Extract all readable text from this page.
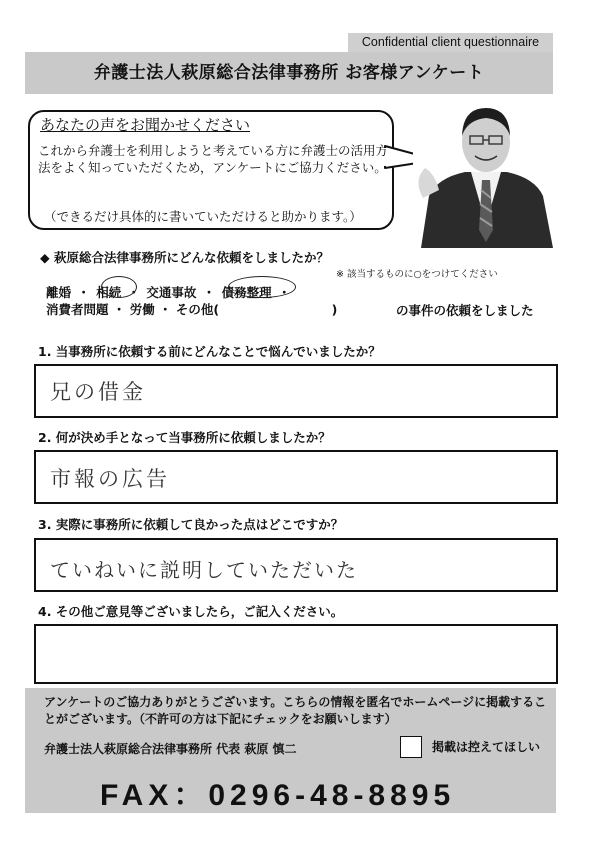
Confidential client questionnaire
弁護士法人萩原総合法律事務所 お客様アンケート
あなたの声をお聞かせください
これから弁護士を利用しようと考えている方に弁護士の活用方法をよく知っていただくため，アンケートにご協力ください。
（できるだけ具体的に書いていただけると助かります。）
◆ 萩原総合法律事務所にどんな依頼をしましたか？
※ 該当するものに○をつけてください
離婚 ・ 相続 ・ 交通事故 ・ 債務整理 ・
消費者問題 ・ 労働 ・ その他(　　　　　　　　　)	の事件の依頼をしました
1. 当事務所に依頼する前にどんなことで悩んでいましたか？
兄の借金
2. 何が決め手となって当事務所に依頼しましたか？
市報の広告
3. 実際に事務所に依頼して良かった点はどこですか？
ていねいに説明していただいた
4. その他ご意見等ございましたら，ご記入ください。
アンケートのご協力ありがとうございます。こちらの情報を匿名でホームページに掲載することがございます。（不許可の方は下記にチェックをお願いします）
弁護士法人萩原総合法律事務所 代表 萩原 慎二	掲載は控えてほしい
FAX：0296-48-8895
